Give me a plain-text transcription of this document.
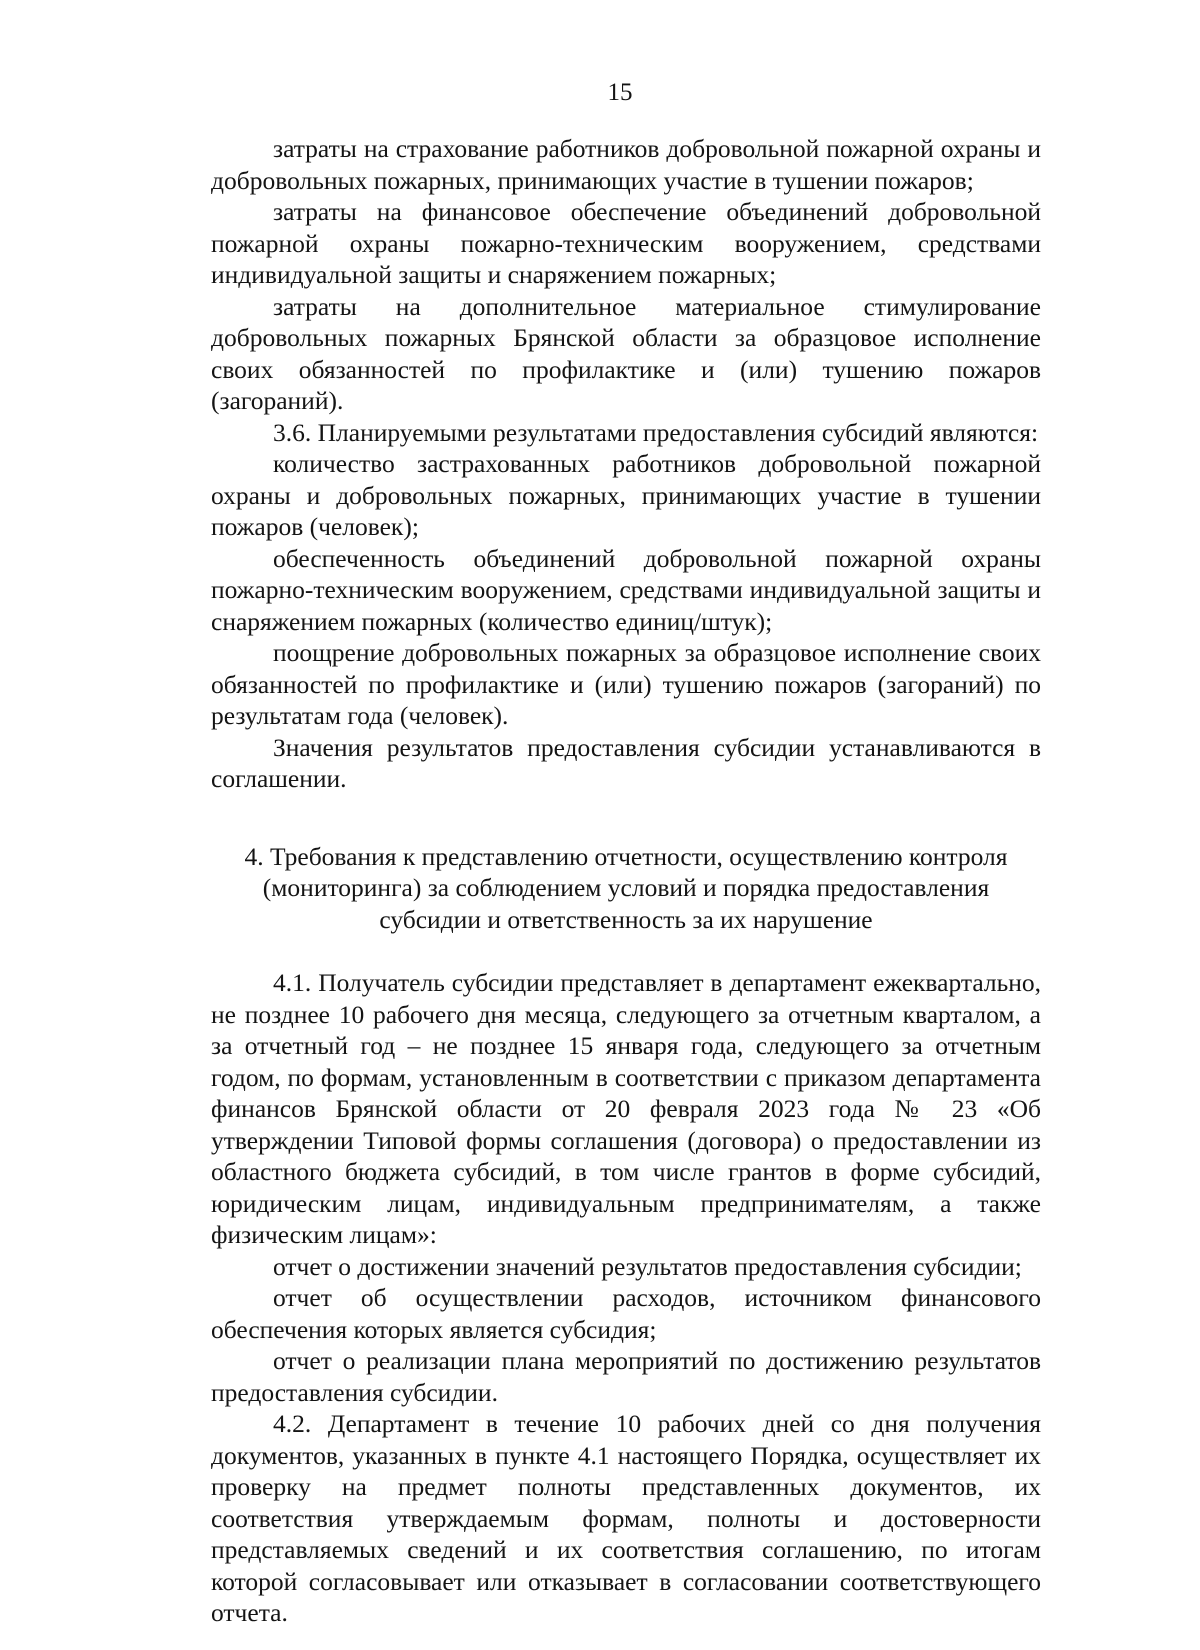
15

затраты на страхование работников добровольной пожарной охраны и добровольных пожарных, принимающих участие в тушении пожаров;

затраты на финансовое обеспечение объединений добровольной пожарной охраны пожарно-техническим вооружением, средствами индивидуальной защиты и снаряжением пожарных;

затраты на дополнительное материальное стимулирование добровольных пожарных Брянской области за образцовое исполнение своих обязанностей по профилактике и (или) тушению пожаров (загораний).

3.6. Планируемыми результатами предоставления субсидий являются:

количество застрахованных работников добровольной пожарной охраны и добровольных пожарных, принимающих участие в тушении пожаров (человек);

обеспеченность объединений добровольной пожарной охраны пожарно-техническим вооружением, средствами индивидуальной защиты и снаряжением пожарных (количество единиц/штук);

поощрение добровольных пожарных за образцовое исполнение своих обязанностей по профилактике и (или) тушению пожаров (загораний) по результатам года (человек).

Значения результатов предоставления субсидии устанавливаются в соглашении.

4. Требования к представлению отчетности, осуществлению контроля
(мониторинга) за соблюдением условий и порядка предоставления
субсидии и ответственность за их нарушение

4.1. Получатель субсидии представляет в департамент ежеквартально, не позднее 10 рабочего дня месяца, следующего за отчетным кварталом, а за отчетный год – не позднее 15 января года, следующего за отчетным годом, по формам, установленным в соответствии с приказом департамента финансов Брянской области от 20 февраля 2023 года № 23 «Об утверждении Типовой формы соглашения (договора) о предоставлении из областного бюджета субсидий, в том числе грантов в форме субсидий, юридическим лицам, индивидуальным предпринимателям, а также физическим лицам»:

отчет о достижении значений результатов предоставления субсидии;

отчет об осуществлении расходов, источником финансового обеспечения которых является субсидия;

отчет о реализации плана мероприятий по достижению результатов предоставления субсидии.

4.2. Департамент в течение 10 рабочих дней со дня получения документов, указанных в пункте 4.1 настоящего Порядка, осуществляет их проверку на предмет полноты представленных документов, их соответствия утверждаемым формам, полноты и достоверности представляемых сведений и их соответствия соглашению, по итогам которой согласовывает или отказывает в согласовании соответствующего отчета.
